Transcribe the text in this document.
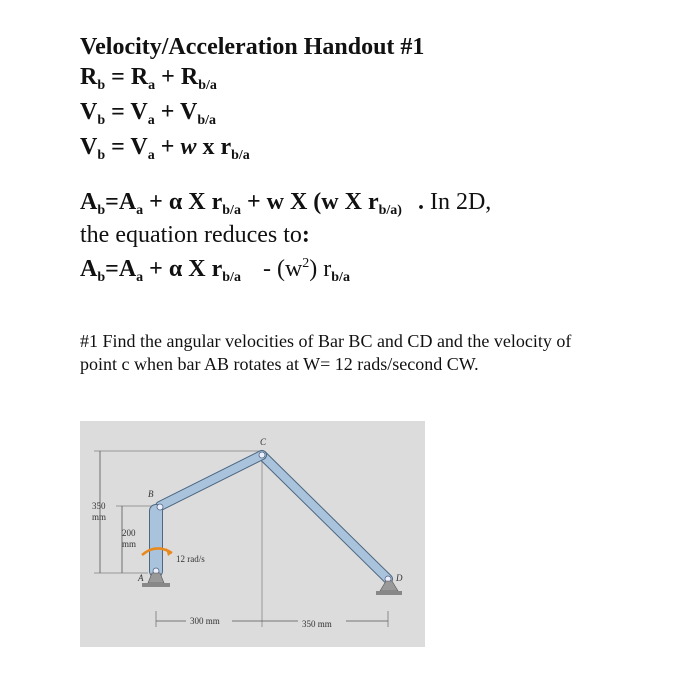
Velocity/Acceleration Handout #1
$R_b = R_a + R_{b/a}$
$V_b = V_a + V_{b/a}$
$V_b = V_a + w$ x $r_{b/a}$
$A_b=A_a + \alpha$ X $r_{b/a} + w$ X (w X $r_{b/a)}$ . In 2D,
the equation reduces to:
$A_b=A_a + \alpha$ X $r_{b/a} - (w^2)$ $r_{b/a}$
#1 Find the angular velocities of Bar BC and CD and the velocity of point c when bar AB rotates at W= 12 rads/second CW.
350
mm
200
mm
12 rad/s
C
B
A	D
300 mm	350 mm
